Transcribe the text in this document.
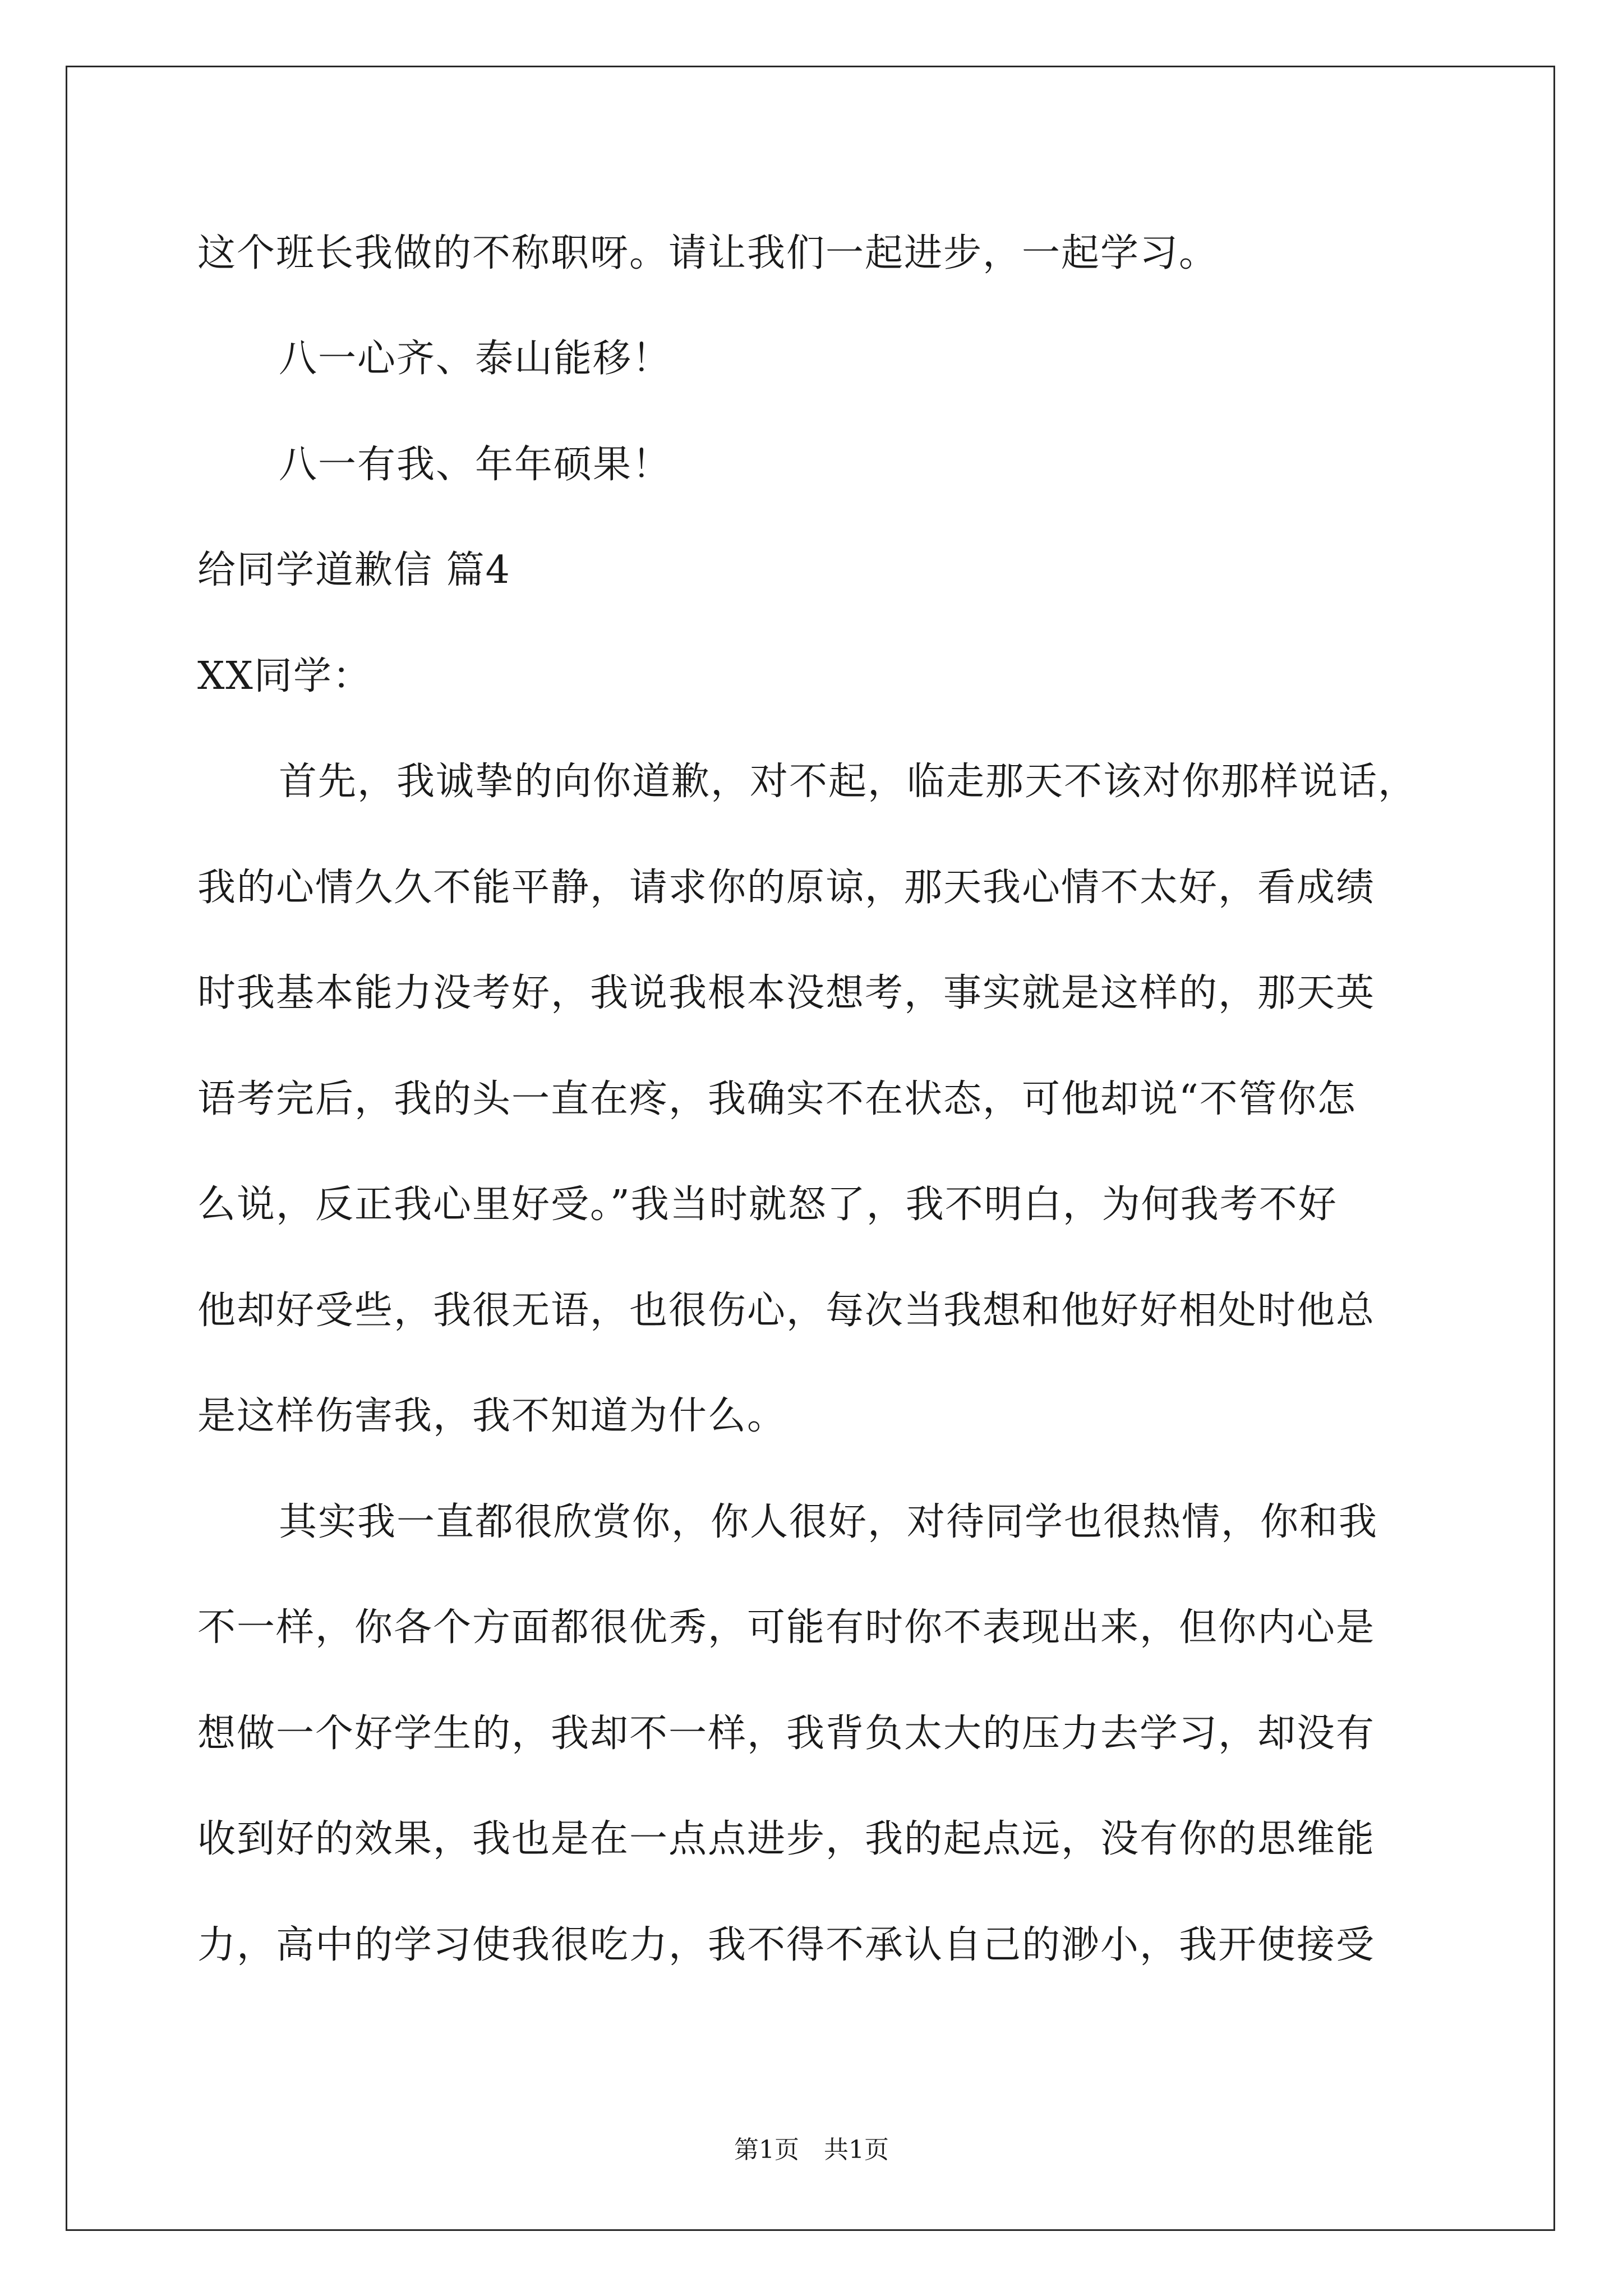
这个班长我做的不称职呀。请让我们一起进步，一起学习。
八一心齐、泰山能移！
八一有我、年年硕果！
给同学道歉信 篇4
XX同学：
首先，我诚挚的向你道歉，对不起，临走那天不该对你那样说话，
我的心情久久不能平静，请求你的原谅，那天我心情不太好，看成绩
时我基本能力没考好，我说我根本没想考，事实就是这样的，那天英
语考完后，我的头一直在疼，我确实不在状态，可他却说“不管你怎
么说，反正我心里好受。”我当时就怒了，我不明白，为何我考不好
他却好受些，我很无语，也很伤心，每次当我想和他好好相处时他总
是这样伤害我，我不知道为什么。
其实我一直都很欣赏你，你人很好，对待同学也很热情，你和我
不一样，你各个方面都很优秀，可能有时你不表现出来，但你内心是
想做一个好学生的，我却不一样，我背负太大的压力去学习，却没有
收到好的效果，我也是在一点点进步，我的起点远，没有你的思维能
力，高中的学习使我很吃力，我不得不承认自己的渺小，我开使接受
第1页　共1页
